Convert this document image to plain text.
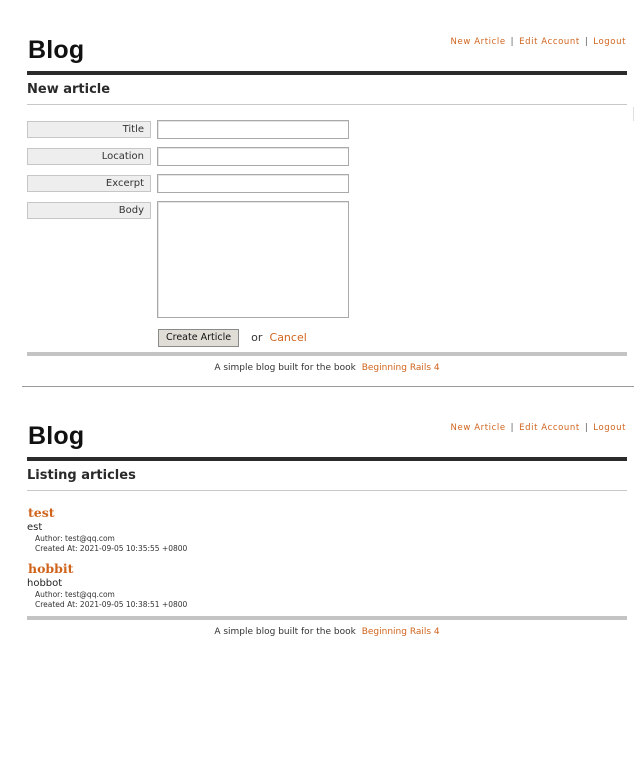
Blog	New Article | Edit Account | Logout
New article
Title
Location
Excerpt
Body
Create Article or Cancel
A simple blog built for the book Beginning Rails 4
Blog	New Article | Edit Account | Logout
Listing articles
test
est
Author: test@qq.com
Created At: 2021-09-05 10:35:55 +0800
hobbit
hobbot
Author: test@qq.com
Created At: 2021-09-05 10:38:51 +0800
A simple blog built for the book Beginning Rails 4
